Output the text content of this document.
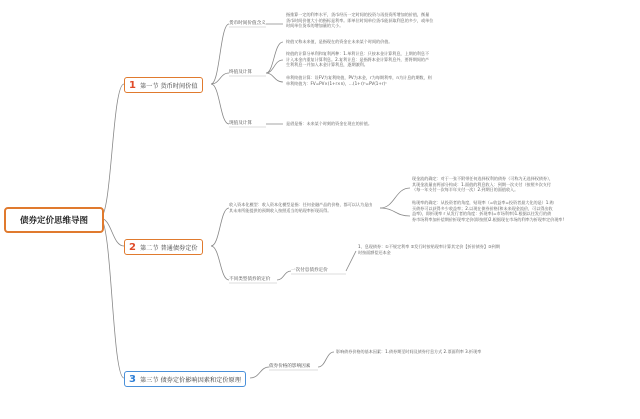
债券定价思维导图
1 第一节 货币时间价值
2 第二节 普通债券定价
3 第三节 债券定价影响因素和定价原理
货币时间价值含义

指推算一定的利率水平，货币经历一定时间的投资与再投资所增加的价值，衡量

货币时间价值大小的指标是利率。即单位时间单位货币能获取利息的多少，或单位

时间单位货币的增加量的大小。

终值及计算

终值又称未来值，是指现在的资金在未来某个时间的价值。

终值的计算分单利和复利两种：1.单利计息：只按本金计算利息，上期的利息不

计入本金内重复计算利息。2.复利计息：是指将本金计算利息外，要将期间的产

生利利息一并加入本金计算利息，逐期滚利。

单利终值计算：设FV为复利终值，PV为本金，r为每期利率，n为计息的期数，则

单利终值为：FV=PV×(1+r×n)，…(1+r)ⁿ=PV(1+r)ⁿ

现值及计算	是借是指：未来某个时刻的资金在现在的价值。

收入资本化模型：收入资本化模型是指：任何金融产品的价格，都可以认为是由

其未来所能提供的预期收入按照适当的贴现率折现而得。

现金流的确定：对于一张不附带任何选择权利的债券（可称为无选择权债券），

其现金流量由两部分构成：1.面值的利息收入：到期一次支付（按照多次支付

（每一年支付一次每半年支付一次）2.到期日的面值收入。

贴现率的确定：从投资者的角度，贴现率（=收益率=投资者最大化的是）1.购

买债券可以获得多少收益率；2.以现在债券价格(和未来现金流价，可以得出收

益率)，即折现率 r 从发行者的角度：折现率(=市场利率)1.根据以往发行的债

券市场利率加补偿期价折现率定价(即按照)2.根据现在市场的利率为折现率定价现率!

不同类型债券的定价
一次付息债券定价

1、息现债券：①不规定利率 ②发行时按贴现率计算其定价【折价债券】③到期

时按面额偿还本金

债券价格的影响因素

影响债券价格的基本因素：1.债券期至时间及债券付息方式 2.票面利率 3.折现率
